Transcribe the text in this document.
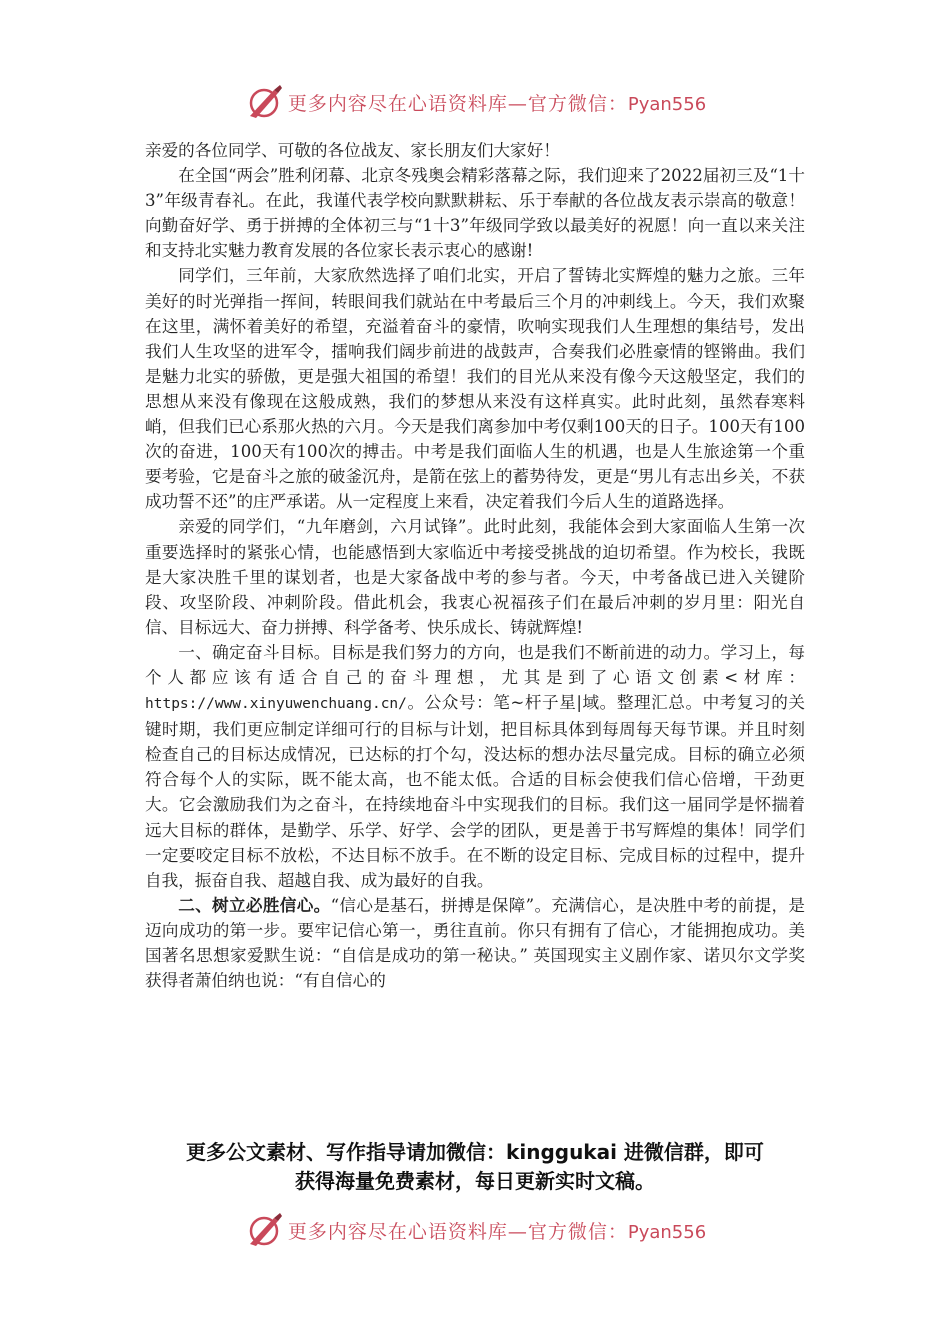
更多内容尽在心语资料库—官方微信：Pyan556

亲爱的各位同学、可敬的各位战友、家长朋友们大家好！

在全国“两会”胜利闭幕、北京冬残奥会精彩落幕之际，我们迎来了2022届初三及“1十3”年级青春礼。在此，我谨代表学校向默默耕耘、乐于奉献的各位战友表示崇高的敬意！向勤奋好学、勇于拼搏的全体初三与“1十3”年级同学致以最美好的祝愿！向一直以来关注和支持北实魅力教育发展的各位家长表示衷心的感谢!

同学们，三年前，大家欣然选择了咱们北实，开启了誓铸北实辉煌的魅力之旅。三年美好的时光弹指一挥间，转眼间我们就站在中考最后三个月的冲刺线上。今天，我们欢聚在这里，满怀着美好的希望，充溢着奋斗的豪情，吹响实现我们人生理想的集结号，发出我们人生攻坚的进军令，擂响我们阔步前进的战鼓声，合奏我们必胜豪情的铿锵曲。我们是魅力北实的骄傲，更是强大祖国的希望！我们的目光从来没有像今天这般坚定，我们的思想从来没有像现在这般成熟，我们的梦想从来没有这样真实。此时此刻，虽然春寒料峭，但我们已心系那火热的六月。今天是我们离参加中考仅剩100天的日子。100天有100次的奋进，100天有100次的搏击。中考是我们面临人生的机遇，也是人生旅途第一个重要考验，它是奋斗之旅的破釜沉舟，是箭在弦上的蓄势待发，更是“男儿有志出乡关，不获成功誓不还”的庄严承诺。从一定程度上来看，决定着我们今后人生的道路选择。

亲爱的同学们，“九年磨剑，六月试锋”。此时此刻，我能体会到大家面临人生第一次重要选择时的紧张心情，也能感悟到大家临近中考接受挑战的迫切希望。作为校长，我既是大家决胜千里的谋划者，也是大家备战中考的参与者。今天，中考备战已进入关键阶段、攻坚阶段、冲刺阶段。借此机会，我衷心祝福孩子们在最后冲刺的岁月里：阳光自信、目标远大、奋力拼搏、科学备考、快乐成长、铸就辉煌!

一、确定奋斗目标。目标是我们努力的方向，也是我们不断前进的动力。学习上，每个人都应该有适合自己的奋斗理想，尤其是到了心语文创素<材库：https://www.xinyuwenchuang.cn/。公众号：笔~杆子星|域。整理汇总。中考复习的关键时期，我们更应制定详细可行的目标与计划，把目标具体到每周每天每节课。并且时刻检查自己的目标达成情况，已达标的打个勾，没达标的想办法尽量完成。目标的确立必须符合每个人的实际，既不能太高，也不能太低。合适的目标会使我们信心倍增，干劲更大。它会激励我们为之奋斗，在持续地奋斗中实现我们的目标。我们这一届同学是怀揣着远大目标的群体，是勤学、乐学、好学、会学的团队，更是善于书写辉煌的集体！同学们一定要咬定目标不放松，不达目标不放手。在不断的设定目标、完成目标的过程中，提升自我，振奋自我、超越自我、成为最好的自我。

二、树立必胜信心。“信心是基石，拼搏是保障”。充满信心，是决胜中考的前提，是迈向成功的第一步。要牢记信心第一，勇往直前。你只有拥有了信心，才能拥抱成功。美国著名思想家爱默生说：“自信是成功的第一秘诀。” 英国现实主义剧作家、诺贝尔文学奖获得者萧伯纳也说：“有自信心的

更多公文素材、写作指导请加微信：kinggukai 进微信群，即可
获得海量免费素材，每日更新实时文稿。
更多内容尽在心语资料库—官方微信：Pyan556
